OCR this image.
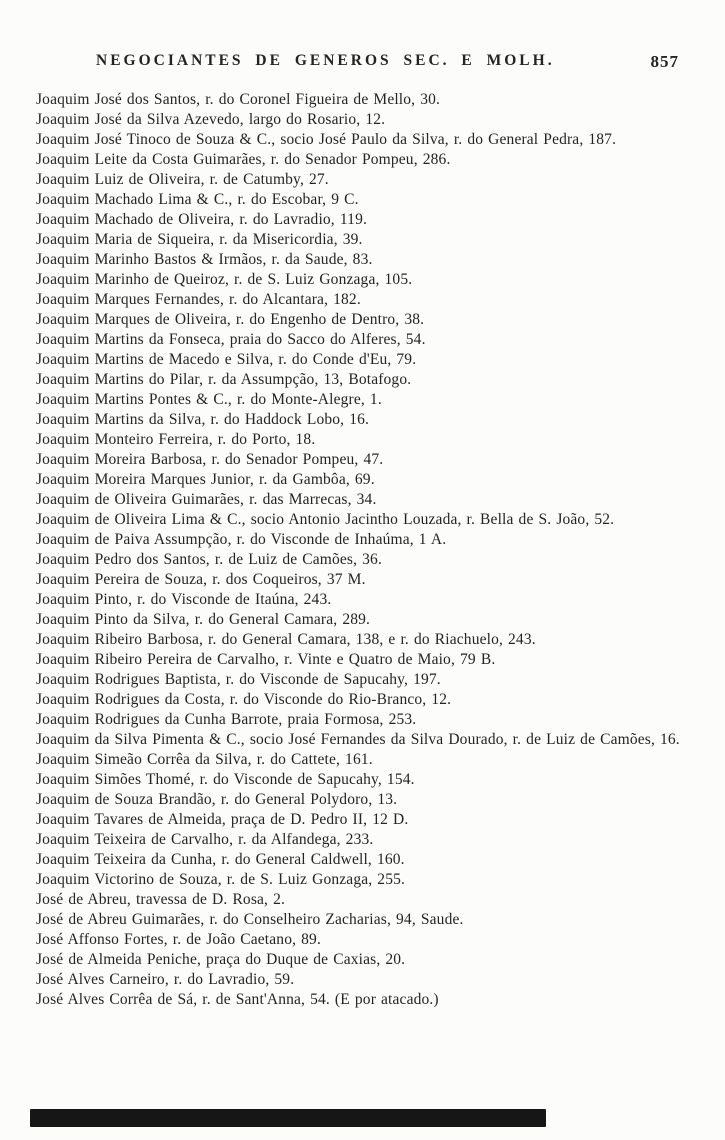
NEGOCIANTES DE GENEROS SEC. E MOLH.	857

Joaquim José dos Santos, r. do Coronel Figueira de Mello, 30.

Joaquim José da Silva Azevedo, largo do Rosario, 12.

Joaquim José Tinoco de Souza & C., socio José Paulo da Silva, r. do General Pedra, 187.

Joaquim Leite da Costa Guimarães, r. do Senador Pompeu, 286.

Joaquim Luiz de Oliveira, r. de Catumby, 27.

Joaquim Machado Lima & C., r. do Escobar, 9 C.

Joaquim Machado de Oliveira, r. do Lavradio, 119.

Joaquim Maria de Siqueira, r. da Misericordia, 39.

Joaquim Marinho Bastos & Irmãos, r. da Saude, 83.

Joaquim Marinho de Queiroz, r. de S. Luiz Gonzaga, 105.

Joaquim Marques Fernandes, r. do Alcantara, 182.

Joaquim Marques de Oliveira, r. do Engenho de Dentro, 38.

Joaquim Martins da Fonseca, praia do Sacco do Alferes, 54.

Joaquim Martins de Macedo e Silva, r. do Conde d'Eu, 79.

Joaquim Martins do Pilar, r. da Assumpção, 13, Botafogo.

Joaquim Martins Pontes & C., r. do Monte-Alegre, 1.

Joaquim Martins da Silva, r. do Haddock Lobo, 16.

Joaquim Monteiro Ferreira, r. do Porto, 18.

Joaquim Moreira Barbosa, r. do Senador Pompeu, 47.

Joaquim Moreira Marques Junior, r. da Gambôa, 69.

Joaquim de Oliveira Guimarães, r. das Marrecas, 34.

Joaquim de Oliveira Lima & C., socio Antonio Jacintho Louzada, r. Bella de S. João, 52.

Joaquim de Paiva Assumpção, r. do Visconde de Inhaúma, 1 A.

Joaquim Pedro dos Santos, r. de Luiz de Camões, 36.

Joaquim Pereira de Souza, r. dos Coqueiros, 37 M.

Joaquim Pinto, r. do Visconde de Itaúna, 243.

Joaquim Pinto da Silva, r. do General Camara, 289.

Joaquim Ribeiro Barbosa, r. do General Camara, 138, e r. do Riachuelo, 243.

Joaquim Ribeiro Pereira de Carvalho, r. Vinte e Quatro de Maio, 79 B.

Joaquim Rodrigues Baptista, r. do Visconde de Sapucahy, 197.

Joaquim Rodrigues da Costa, r. do Visconde do Rio-Branco, 12.

Joaquim Rodrigues da Cunha Barrote, praia Formosa, 253.

Joaquim da Silva Pimenta & C., socio José Fernandes da Silva Dourado, r. de Luiz de Camões, 16.

Joaquim Simeão Corrêa da Silva, r. do Cattete, 161.

Joaquim Simões Thomé, r. do Visconde de Sapucahy, 154.

Joaquim de Souza Brandão, r. do General Polydoro, 13.

Joaquim Tavares de Almeida, praça de D. Pedro II, 12 D.

Joaquim Teixeira de Carvalho, r. da Alfandega, 233.

Joaquim Teixeira da Cunha, r. do General Caldwell, 160.

Joaquim Victorino de Souza, r. de S. Luiz Gonzaga, 255.

José de Abreu, travessa de D. Rosa, 2.

José de Abreu Guimarães, r. do Conselheiro Zacharias, 94, Saude.

José Affonso Fortes, r. de João Caetano, 89.

José de Almeida Peniche, praça do Duque de Caxias, 20.

José Alves Carneiro, r. do Lavradio, 59.

José Alves Corrêa de Sá, r. de Sant'Anna, 54. (E por atacado.)
